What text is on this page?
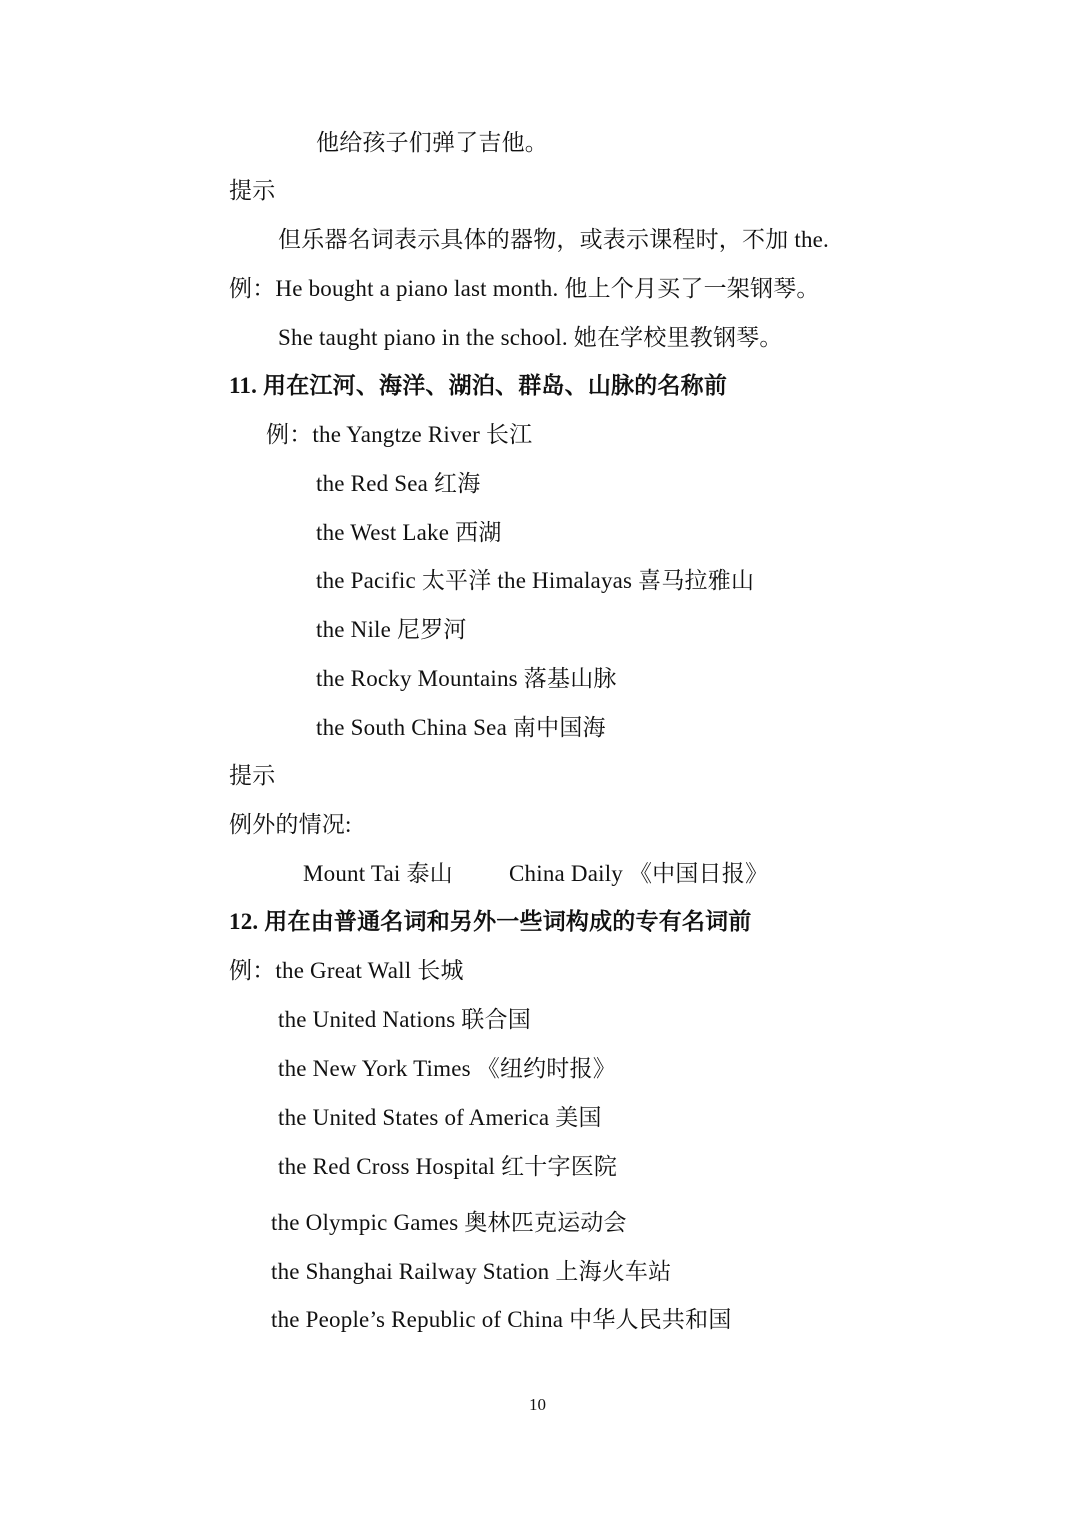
他给孩子们弹了吉他。
提示
但乐器名词表示具体的器物，或表示课程时，不加 the.
例：He bought a piano last month. 他上个月买了一架钢琴。
She taught piano in the school. 她在学校里教钢琴。
11. 用在江河、海洋、湖泊、群岛、山脉的名称前
例：the Yangtze River 长江
the Red Sea 红海
the West Lake 西湖
the Pacific 太平洋 the Himalayas 喜马拉雅山
the Nile 尼罗河
the Rocky Mountains 落基山脉
the South China Sea 南中国海
提示
例外的情况:
Mount Tai 泰山 China Daily 《中国日报》
12. 用在由普通名词和另外一些词构成的专有名词前
例：the Great Wall 长城
the United Nations 联合国
the New York Times 《纽约时报》
the United States of America 美国
the Red Cross Hospital 红十字医院
the Olympic Games 奥林匹克运动会
the Shanghai Railway Station 上海火车站
the People’s Republic of China 中华人民共和国
10
